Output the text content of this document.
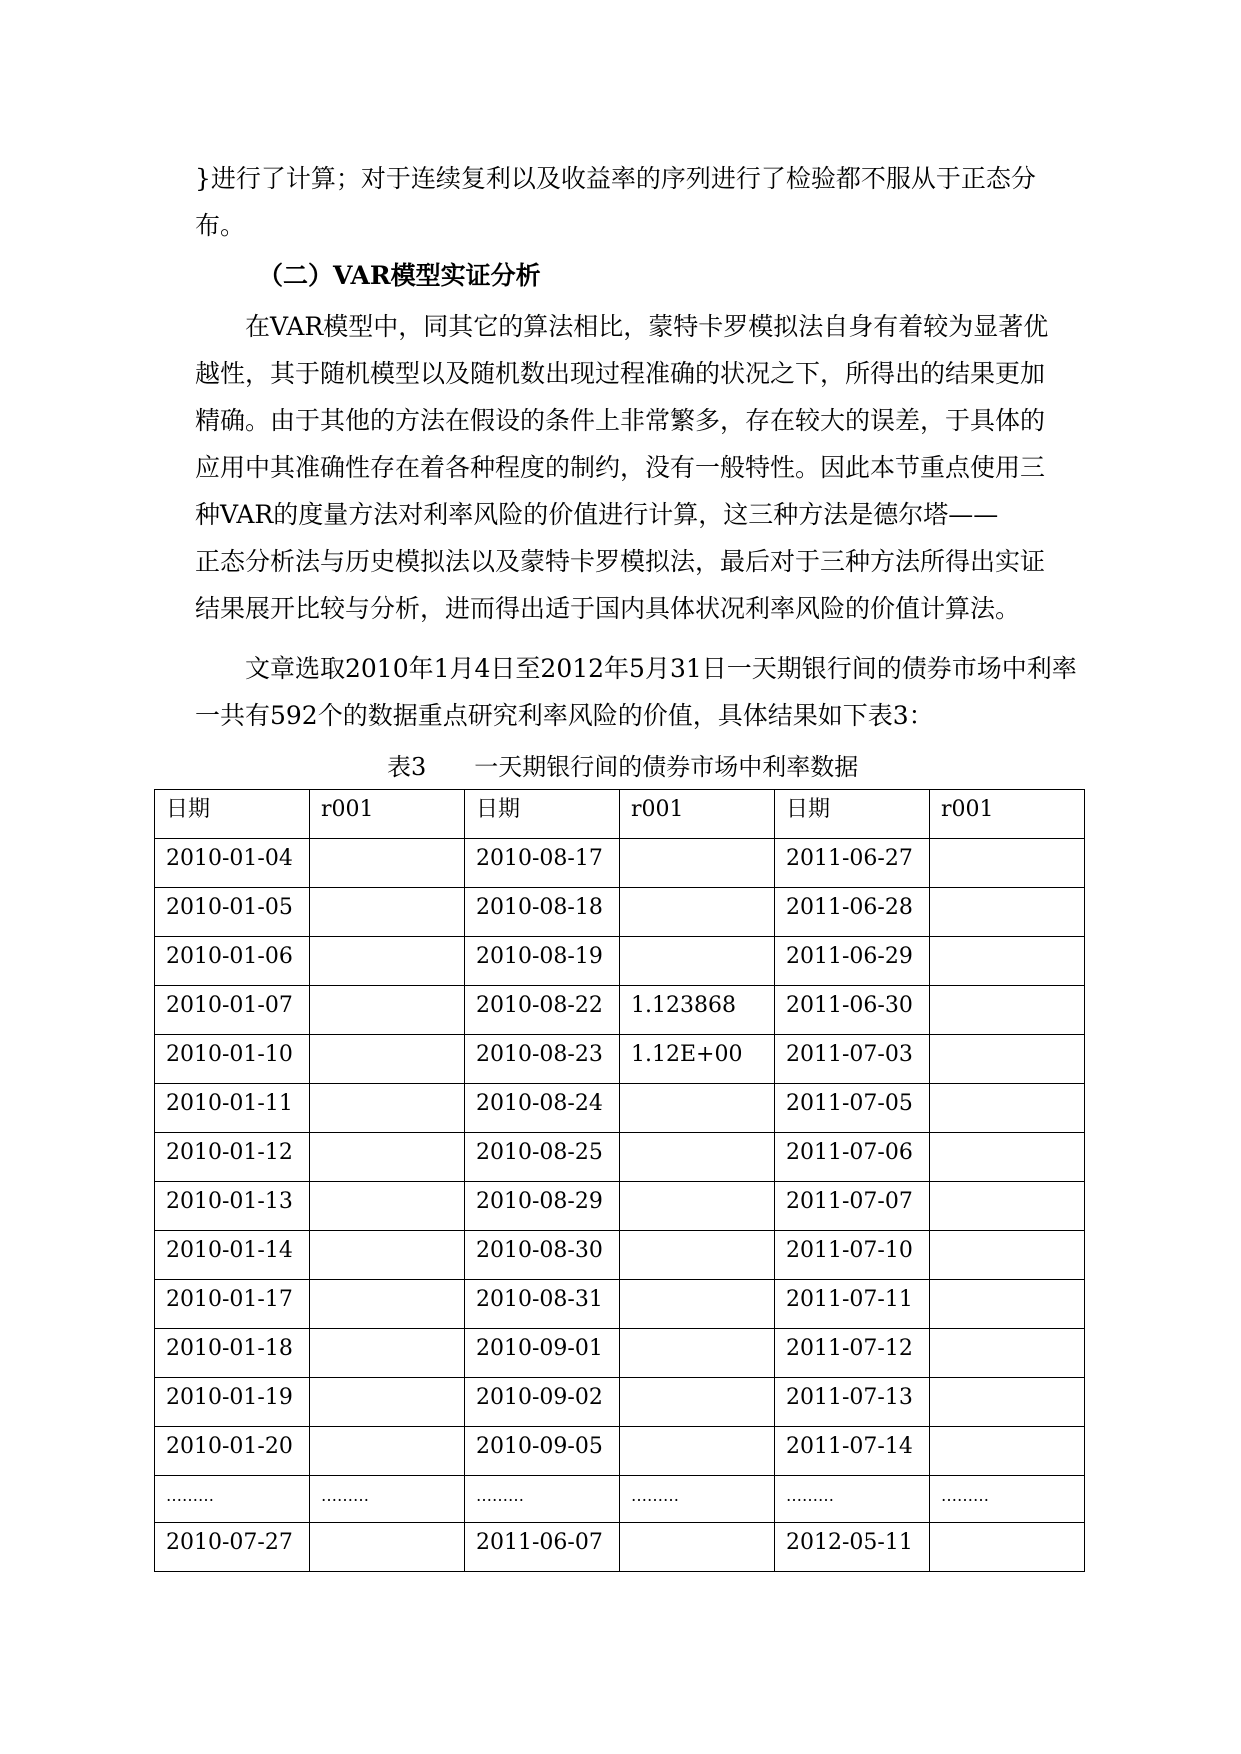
}进行了计算；对于连续复利以及收益率的序列进行了检验都不服从于正态分
布。
（二）VAR模型实证分析
在VAR模型中，同其它的算法相比，蒙特卡罗模拟法自身有着较为显著优
越性，其于随机模型以及随机数出现过程准确的状况之下，所得出的结果更加
精确。由于其他的方法在假设的条件上非常繁多，存在较大的误差，于具体的
应用中其准确性存在着各种程度的制约，没有一般特性。因此本节重点使用三
种VAR的度量方法对利率风险的价值进行计算，这三种方法是德尔塔——
正态分析法与历史模拟法以及蒙特卡罗模拟法，最后对于三种方法所得出实证
结果展开比较与分析，进而得出适于国内具体状况利率风险的价值计算法。
文章选取2010年1月4日至2012年5月31日一天期银行间的债券市场中利率
一共有592个的数据重点研究利率风险的价值，具体结果如下表3：
表3　　一天期银行间的债券市场中利率数据
日期	r001	日期	r001	日期	r001
2010-01-04		2010-08-17		2011-06-27	
2010-01-05		2010-08-18		2011-06-28	
2010-01-06		2010-08-19		2011-06-29	
2010-01-07		2010-08-22	1.123868	2011-06-30	
2010-01-10		2010-08-23	1.12E+00	2011-07-03	
2010-01-11		2010-08-24		2011-07-05	
2010-01-12		2010-08-25		2011-07-06	
2010-01-13		2010-08-29		2011-07-07	
2010-01-14		2010-08-30		2011-07-10	
2010-01-17		2010-08-31		2011-07-11	
2010-01-18		2010-09-01		2011-07-12	
2010-01-19		2010-09-02		2011-07-13	
2010-01-20		2010-09-05		2011-07-14	
………	………	………	………	………	………
2010-07-27		2011-06-07		2012-05-11	
